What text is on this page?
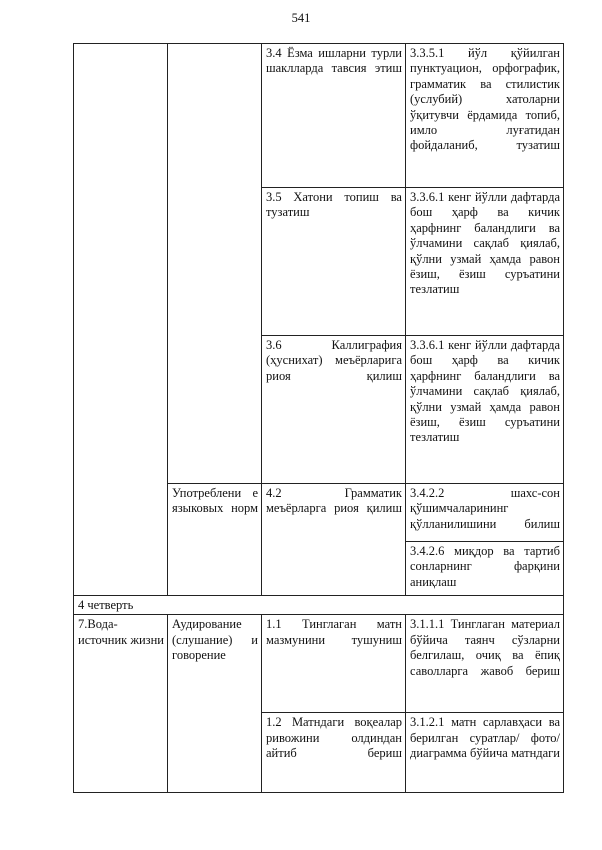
541
		3.4 Ёзма ишларни турли шаклларда тавсия этиш	3.3.5.1 йўл қўйилган пунктуацион, орфографик, грамматик ва стилистик (услубий) хатоларни ўқитувчи ёрдамида топиб, имло луғатидан фойдаланиб, тузатиш
		3.5 Хатони топиш ва тузатиш	3.3.6.1 кенг йўлли дафтарда бош ҳарф ва кичик ҳарфнинг баландлиги ва ўлчамини сақлаб қиялаб, қўлни узмай ҳамда равон ёзиш, ёзиш суръатини тезлатиш
		3.6 Каллиграфия (ҳуснихат) меъёрларига риоя қилиш	3.3.6.1 кенг йўлли дафтарда бош ҳарф ва кичик ҳарфнинг баландлиги ва ўлчамини сақлаб қиялаб, қўлни узмай ҳамда равон ёзиш, ёзиш суръатини тезлатиш
	Употреблени е языковых норм	4.2 Грамматик меъёрларга риоя қилиш	3.4.2.2 шахс-сон қўшимчаларининг қўлланилишини билиш
			3.4.2.6 миқдор ва тартиб сонларнинг фарқини аниқлаш
4 четверть			
7.Вода-источник жизни	Аудирование (слушание) и говорение	1.1 Тинглаган матн мазмунини тушуниш	3.1.1.1 Тинглаган материал бўйича таянч сўзларни белгилаш, очиқ ва ёпиқ саволларга жавоб бериш
		1.2 Матндаги воқеалар ривожини олдиндан айтиб бериш	3.1.2.1 матн сарлавҳаси ва берилган суратлар/ фото/ диаграмма бўйича матндаги
